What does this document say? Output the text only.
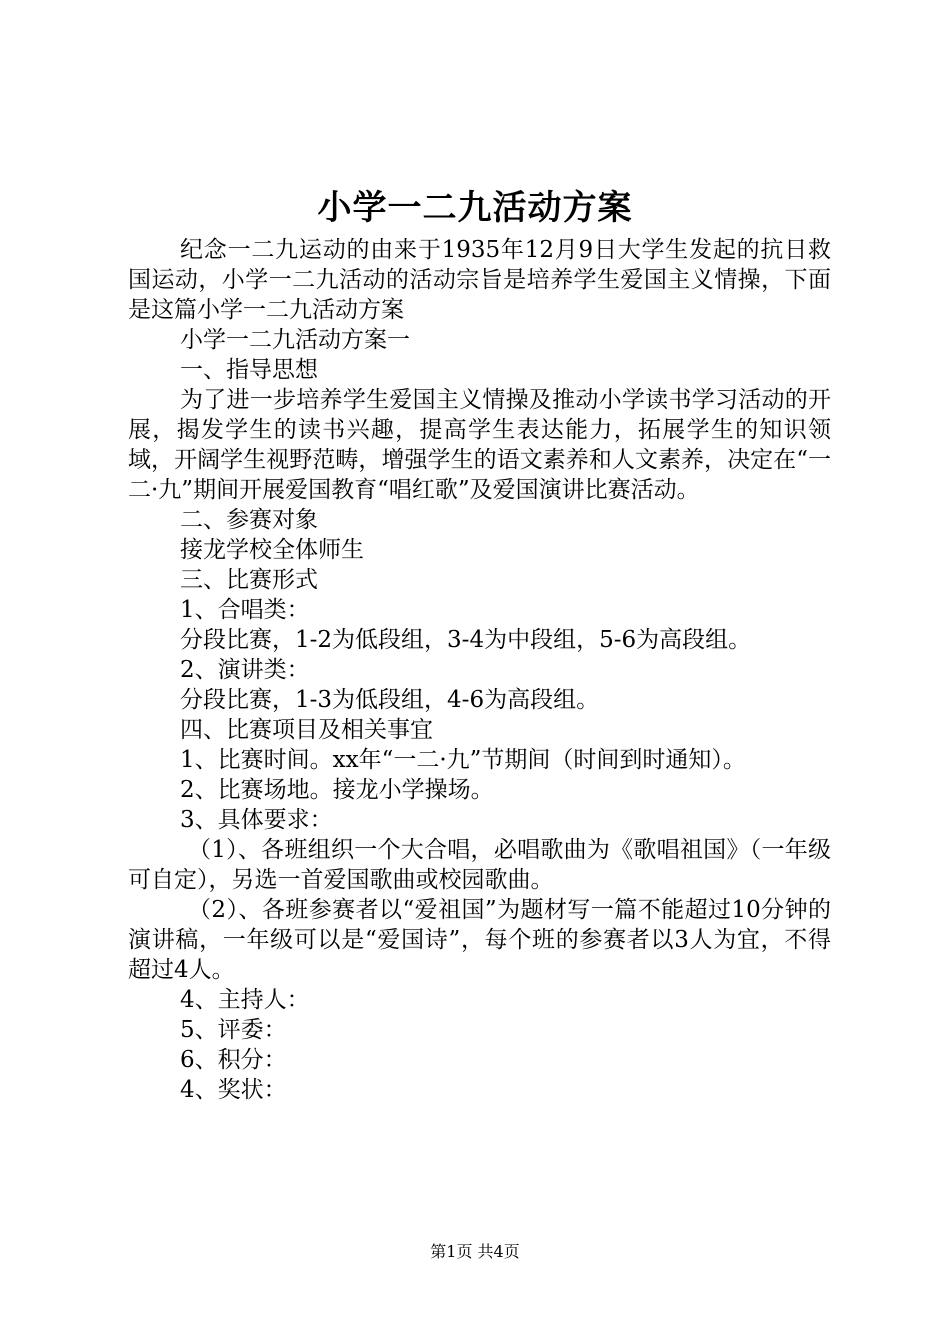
小学一二九活动方案

纪念一二九运动的由来于1935年12月9日大学生发起的抗日救国运动，小学一二九活动的活动宗旨是培养学生爱国主义情操，下面是这篇小学一二九活动方案

小学一二九活动方案一

一、指导思想

为了进一步培养学生爱国主义情操及推动小学读书学习活动的开展，揭发学生的读书兴趣，提高学生表达能力，拓展学生的知识领域，开阔学生视野范畴，增强学生的语文素养和人文素养，决定在“一二·九”期间开展爱国教育“唱红歌”及爱国演讲比赛活动。

二、参赛对象

接龙学校全体师生

三、比赛形式

1、合唱类：

分段比赛，1-2为低段组，3-4为中段组，5-6为高段组。

2、演讲类：

分段比赛，1-3为低段组，4-6为高段组。

四、比赛项目及相关事宜

1、比赛时间。xx年“一二·九”节期间（时间到时通知）。

2、比赛场地。接龙小学操场。

3、具体要求：

（1）、各班组织一个大合唱，必唱歌曲为《歌唱祖国》（一年级可自定），另选一首爱国歌曲或校园歌曲。

（2）、各班参赛者以“爱祖国”为题材写一篇不能超过10分钟的演讲稿，一年级可以是“爱国诗”，每个班的参赛者以3人为宜，不得超过4人。

4、主持人：

5、评委：

6、积分：

4、奖状：

第1页 共4页
